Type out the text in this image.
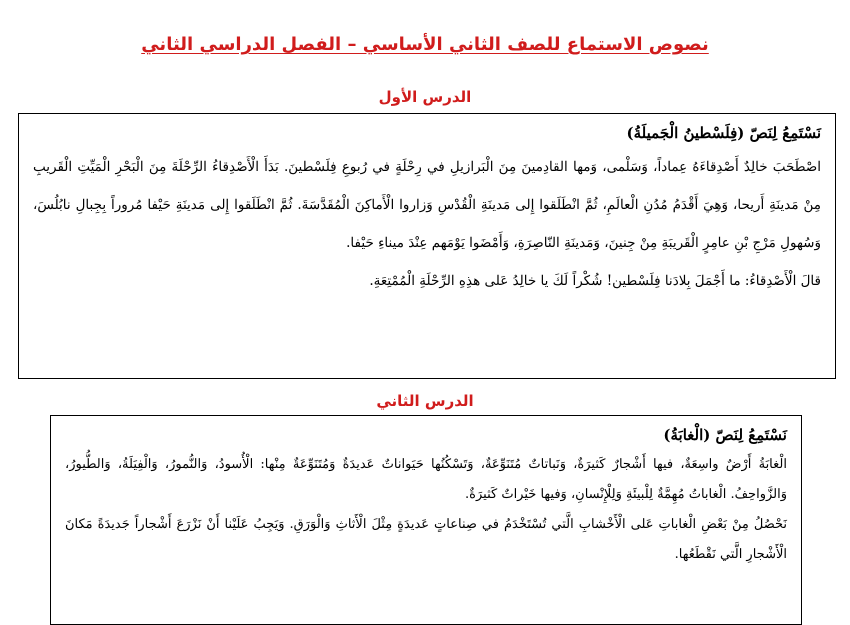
نصوص الاستماع للصف الثاني الأساسي – الفصل الدراسي الثاني
الدرس الأول
نَسْتَمِعُ لِنَصّ (فِلَسْطينُ الْجَميلَةُ)

اصْطَحَبَ خالِدٌ أَصْدِقاءَهُ عِماداً، وَسَلْمى، وَمها القادِمينَ مِنَ الْبَرازيلِ في رِحْلَةٍ في رُبوعِ فِلَسْطينَ. بَدَأَ الْأَصْدِقاءُ الرِّحْلَةَ مِنَ الْبَحْرِ الْمَيِّتِ الْقَريبِ مِنْ مَدينَةِ أَريحا، وَهِيَ أَقْدَمُ مُدُنِ الْعالَمِ، ثُمَّ انْطَلَقوا إِلى مَدينَةِ الْقُدْسِ وَزاروا الْأَماكِنَ الْمُقَدَّسَةَ. ثُمَّ انْطَلَقوا إِلى مَدينَةِ حَيْفا مُروراً بِجِبالِ نابُلُسَ، وَسُهولِ مَرْجِ بْنِ عامِرٍ الْقَريبَةِ مِنْ جِنينَ، وَمَدينَةِ النّاصِرَةِ، وَأَمْضَوا يَوْمَهم عِنْدَ ميناءِ حَيْفا.

قالَ الْأَصْدِقاءُ: ما أَجْمَلَ بِلادَنا فِلَسْطين! شُكْراً لَكَ يا خالِدُ عَلى هذِهِ الرِّحْلَةِ الْمُمْتِعَةِ.

الدرس الثاني
نَسْتَمِعُ لِنَصّ (الْغابَةُ)

الْغابَةُ أَرْضٌ واسِعَةٌ، فيها أَشْجارٌ كَثيرَةٌ، وَنَباتاتٌ مُتَنَوِّعَةٌ، وَتَسْكُنُها حَيَواناتٌ عَديدَةٌ وَمُتَنَوِّعَةٌ مِنْها: الْأُسودُ، وَالنُّمورُ، وَالْفِيَلَةُ، وَالطُّيورُ، وَالزَّواحِفُ. الْغاباتُ مُهِمَّةٌ لِلْبيئَةِ وَلِلْإِنْسانِ، وَفيها خَيْراتٌ كَثيرَةٌ.

نَحْصُلُ مِنْ بَعْضِ الْغاباتِ عَلى الْأَخْشابِ الَّتي تُسْتَخْدَمُ في صِناعاتٍ عَديدَةٍ مِثْلَ الْأَثاثِ وَالْوَرَقِ. وَيَجِبُ عَلَيْنا أَنْ نَزْرَعَ أَشْجاراً جَديدَةً مَكانَ الْأَشْجارِ الَّتي نَقْطَعُها.
